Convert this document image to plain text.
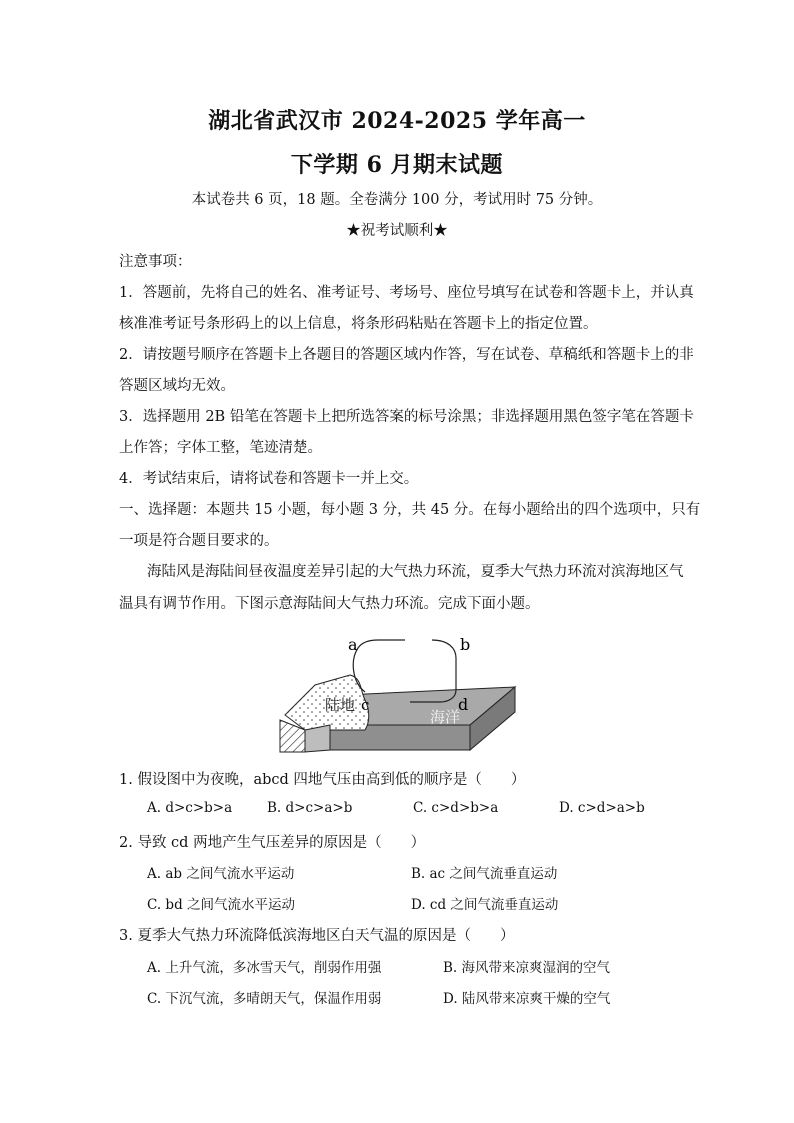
湖北省武汉市 2024-2025 学年高一
下学期 6 月期末试题
本试卷共 6 页，18 题。全卷满分 100 分，考试用时 75 分钟。
★祝考试顺利★
注意事项：
1．答题前，先将自己的姓名、准考证号、考场号、座位号填写在试卷和答题卡上，并认真
核准准考证号条形码上的以上信息，将条形码粘贴在答题卡上的指定位置。
2．请按题号顺序在答题卡上各题目的答题区域内作答，写在试卷、草稿纸和答题卡上的非
答题区域均无效。
3．选择题用 2B 铅笔在答题卡上把所选答案的标号涂黑；非选择题用黑色签字笔在答题卡
上作答；字体工整，笔迹清楚。
4．考试结束后，请将试卷和答题卡一并上交。
一、选择题：本题共 15 小题，每小题 3 分，共 45 分。在每小题给出的四个选项中，只有
一项是符合题目要求的。
海陆风是海陆间昼夜温度差异引起的大气热力环流，夏季大气热力环流对滨海地区气
温具有调节作用。下图示意海陆间大气热力环流。完成下面小题。
a	b
c	d
陆地
海洋
1. 假设图中为夜晚，abcd 四地气压由高到低的顺序是（　　）
A. d>c>b>a	B. d>c>a>b	C. c>d>b>a	D. c>d>a>b
2. 导致 cd 两地产生气压差异的原因是（　　）
A. ab 之间气流水平运动	B. ac 之间气流垂直运动
C. bd 之间气流水平运动	D. cd 之间气流垂直运动
3. 夏季大气热力环流降低滨海地区白天气温的原因是（　　）
A. 上升气流，多冰雪天气，削弱作用强	B. 海风带来凉爽湿润的空气
C. 下沉气流，多晴朗天气，保温作用弱	D. 陆风带来凉爽干燥的空气
